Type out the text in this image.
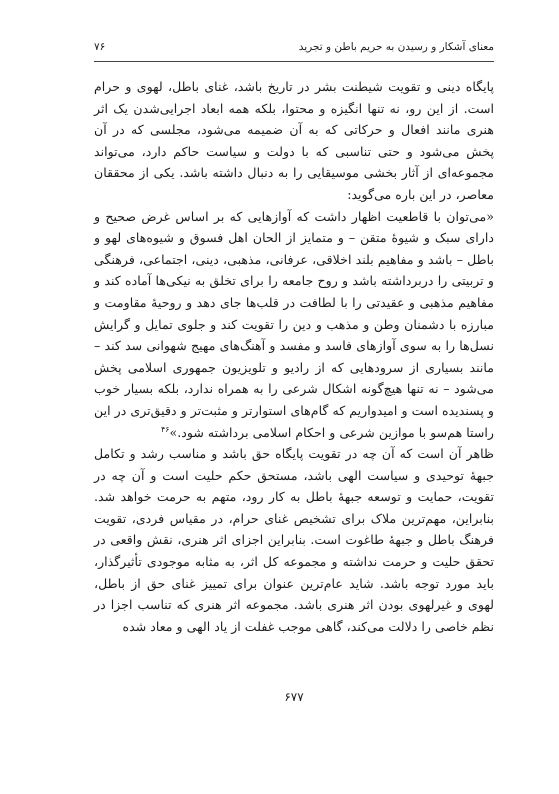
معنای آشکار و رسیدن به حریم باطن و تجرید
٧۶

پایگاه دینی و تقویت شیطنت بشر در تاریخ باشد، غنای باطل، لهوی و حرام است. از این رو، نه تنها انگیزه و محتوا، بلکه همه ابعاد اجرایی‌شدن یک اثر هنری مانند افعال و حرکاتی که به آن ضمیمه می‌شود، مجلسی که در آن پخش می‌شود و حتی تناسبی که با دولت و سیاست حاکم دارد، می‌تواند مجموعه‌ای از آثار بخشی موسیقایی را به دنبال داشته باشد. یکی از محققان معاصر، در این باره می‌گوید:

«می‌توان با قاطعیت اظهار داشت که آوازهایی که بر اساس غرض صحیح و دارای سبک و شیوهٔ متقن – و متمایز از الحان اهل فسوق و شیوه‌های لهو و باطل – باشد و مفاهیم بلند اخلاقی، عرفانی، مذهبی، دینی، اجتماعی، فرهنگی و تربیتی را دربرداشته باشد و روح جامعه را برای تخلق به نیکی‌ها آماده کند و مفاهیم مذهبی و عقیدتی را با لطافت در قلب‌ها جای دهد و روحیهٔ مقاومت و مبارزه با دشمنان وطن و مذهب و دین را تقویت کند و جلوی تمایل و گرایش نسل‌ها را به سوی آوازهای فاسد و مفسد و آهنگ‌های مهیج شهوانی سد کند – مانند بسیاری از سرودهایی که از رادیو و تلویزیون جمهوری اسلامی پخش می‌شود – نه تنها هیچ‌گونه اشکال شرعی را به همراه ندارد، بلکه بسیار خوب و پسندیده است و امیدواریم که گام‌های استوارتر و مثبت‌تر و دقیق‌تری در این راستا هم‌سو با موازین شرعی و احکام اسلامی برداشته شود.»$^{۴۶}$

ظاهر آن است که آن چه در تقویت پایگاه حق باشد و مناسب رشد و تکامل جبههٔ توحیدی و سیاست الهی باشد، مستحق حکم حلیت است و آن چه در تقویت، حمایت و توسعه جبههٔ باطل به کار رود، متهم به حرمت خواهد شد. بنابراین، مهم‌ترین ملاک برای تشخیص غنای حرام، در مقیاس فردی، تقویت فرهنگ باطل و جبههٔ طاغوت است. بنابراین اجزای اثر هنری، نقش واقعی در تحقق حلیت و حرمت نداشته و مجموعه کل اثر، به مثابه موجودی تأثیرگذار، باید مورد توجه باشد. شاید عام‌ترین عنوان برای تمییز غنای حق از باطل، لهوی و غیرلهوی بودن اثر هنری باشد. مجموعه اثر هنری که تناسب اجزا در نظم خاصی را دلالت می‌کند، گاهی موجب غفلت از یاد الهی و معاد شده

۶۷۷
